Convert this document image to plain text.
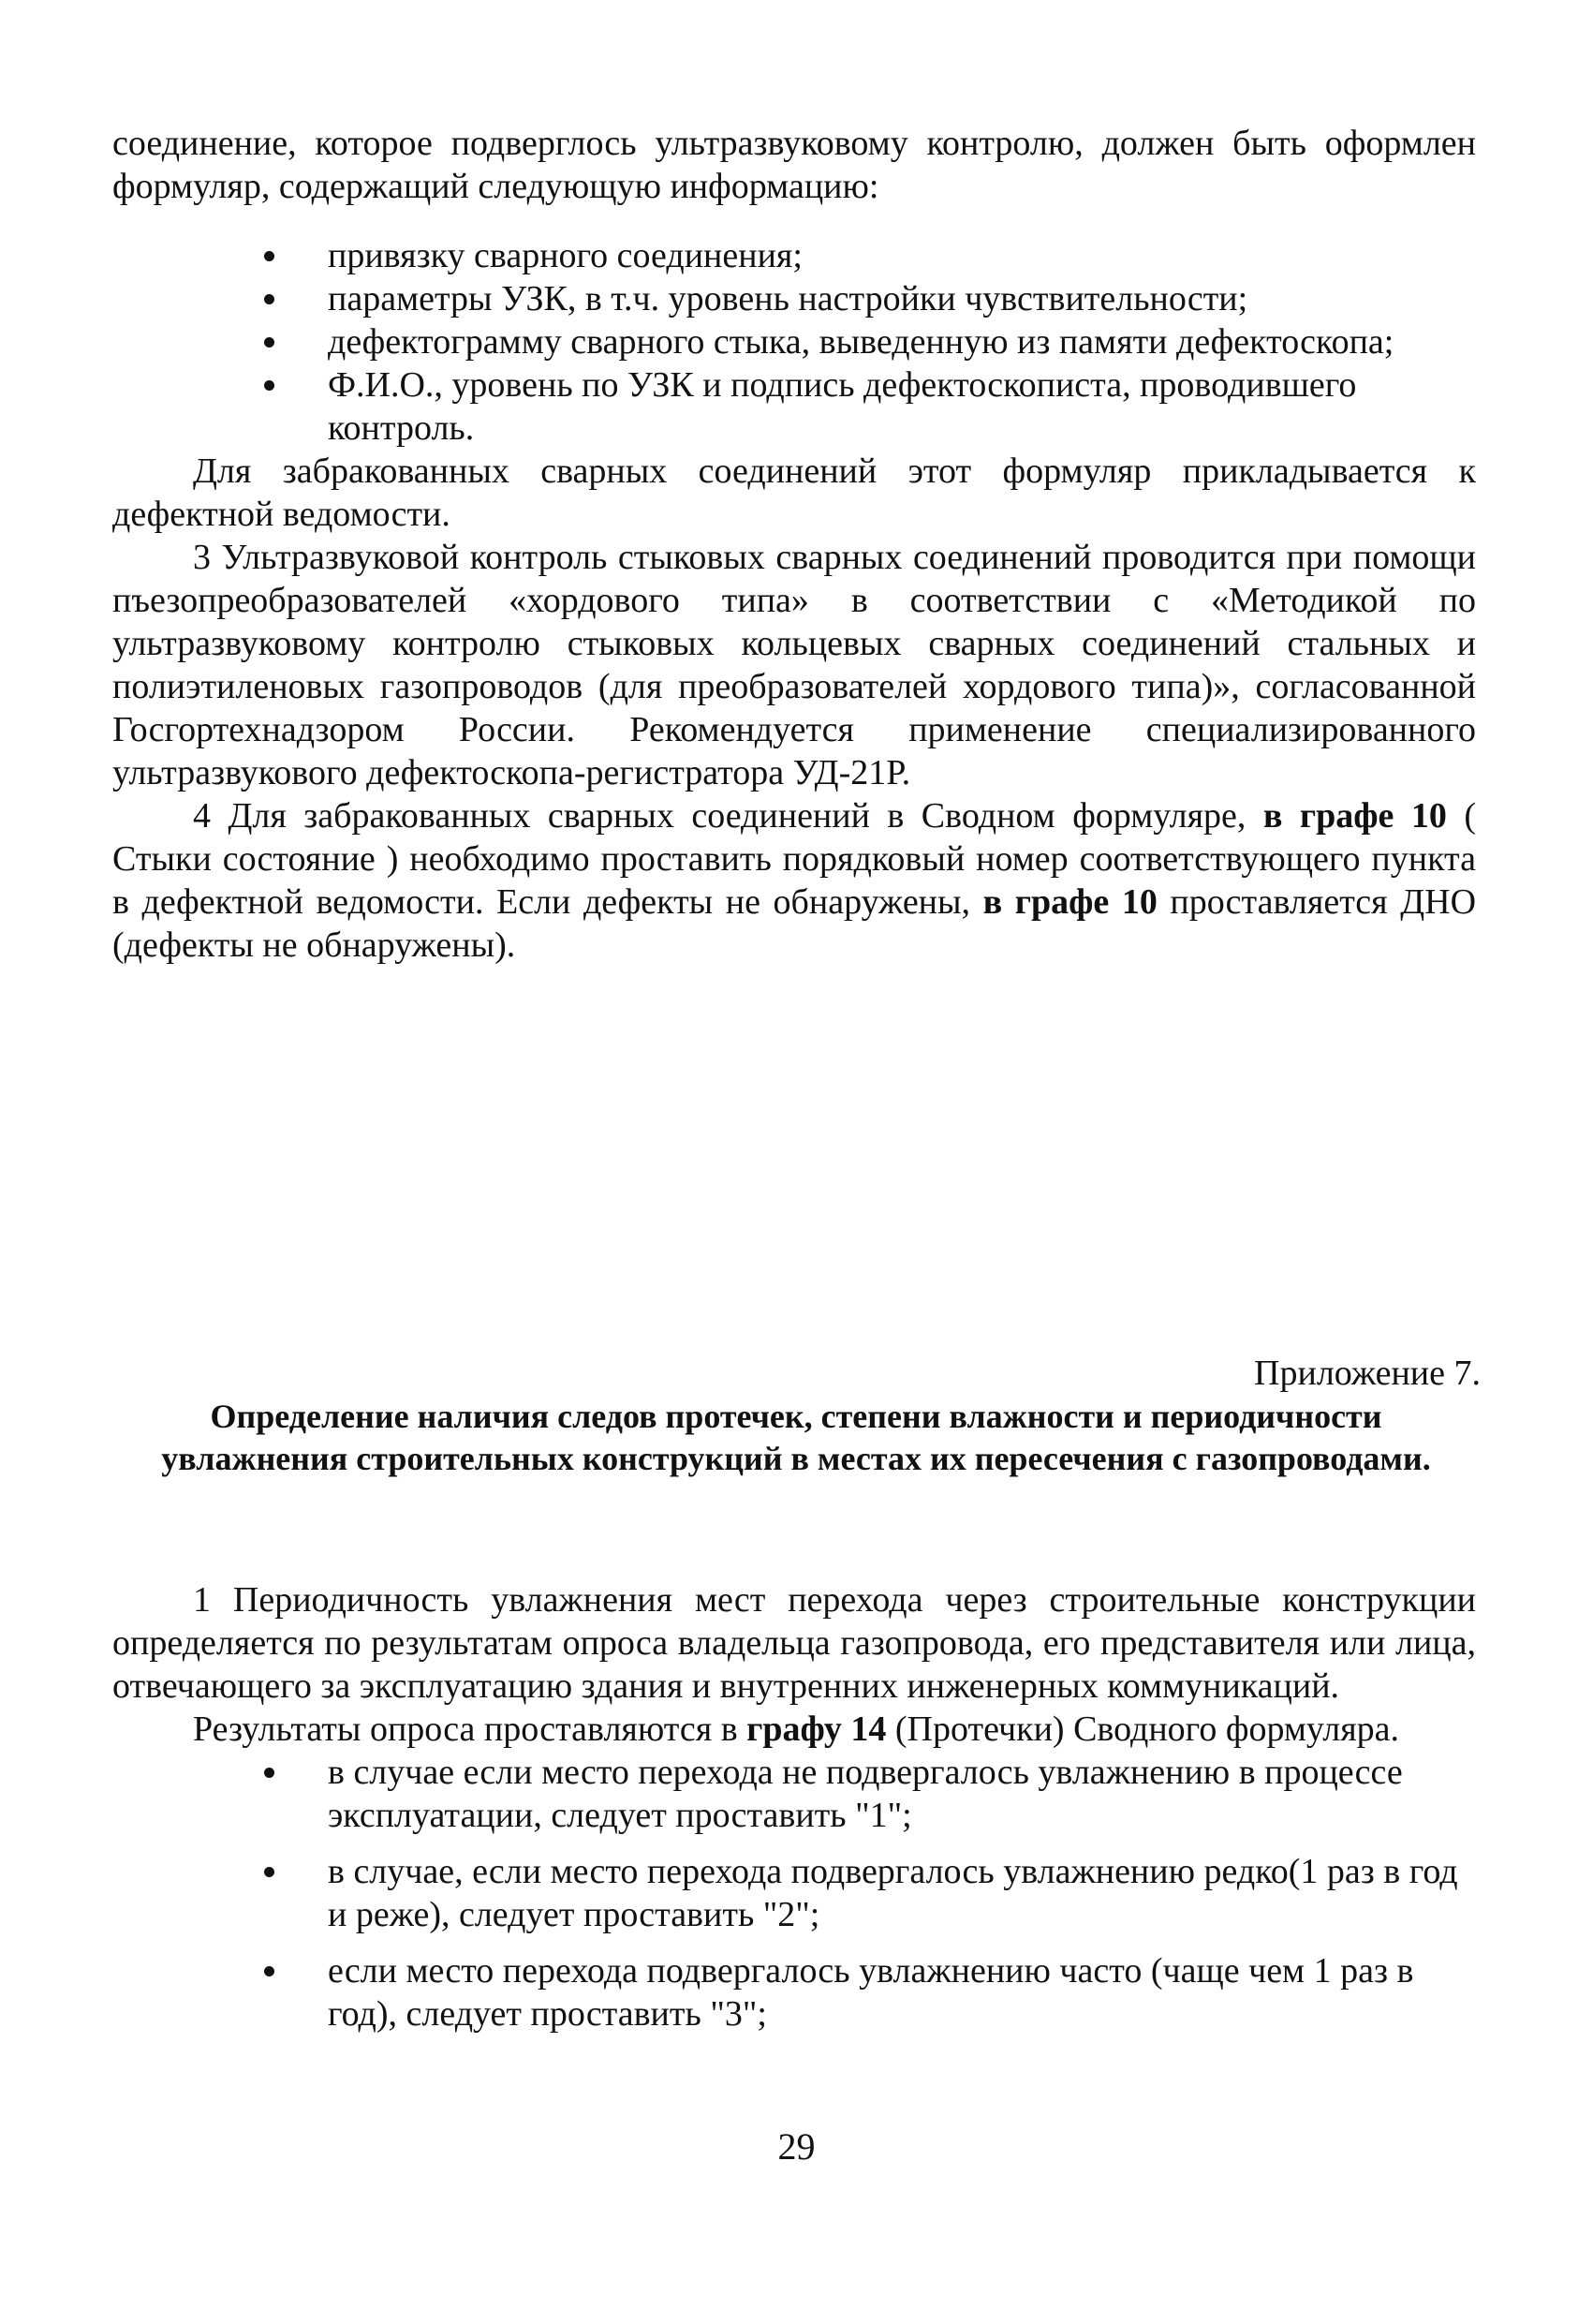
соединение, которое подверглось ультразвуковому контролю, должен быть оформлен формуляр, содержащий следующую информацию:

привязку сварного соединения;
параметры УЗК, в т.ч. уровень настройки чувствительности;
дефектограмму сварного стыка, выведенную из памяти дефектоскопа;
Ф.И.О., уровень по УЗК и подпись дефектоскописта, проводившего контроль.

Для забракованных сварных соединений этот формуляр прикладывается к дефектной ведомости.

3 Ультразвуковой контроль стыковых сварных соединений проводится при помощи пъезопреобразователей «хордового типа» в соответствии с «Методикой по ультразвуковому контролю стыковых кольцевых сварных соединений стальных и полиэтиленовых газопроводов (для преобразователей хордового типа)», согласованной Госгортехнадзором России. Рекомендуется применение специализированного ультразвукового дефектоскопа-регистратора УД-21Р.

4 Для забракованных сварных соединений в Сводном формуляре, в графе 10 ( Стыки состояние ) необходимо проставить порядковый номер соответствующего пункта в дефектной ведомости. Если дефекты не обнаружены, в графе 10 проставляется ДНО (дефекты не обнаружены).

Приложение 7.
Определение наличия следов протечек, степени влажности и периодичности увлажнения строительных конструкций в местах их пересечения с газопроводами.

1 Периодичность увлажнения мест перехода через строительные конструкции определяется по результатам опроса владельца газопровода, его представителя или лица, отвечающего за эксплуатацию здания и внутренних инженерных коммуникаций.

Результаты опроса проставляются в графу 14 (Протечки) Сводного формуляра.

в случае если место перехода не подвергалось увлажнению в процессе эксплуатации, следует проставить "1";
в случае, если место перехода подвергалось увлажнению редко(1 раз в год и реже), следует проставить "2";
если место перехода подвергалось увлажнению часто (чаще чем 1 раз в год), следует проставить "3";
29
